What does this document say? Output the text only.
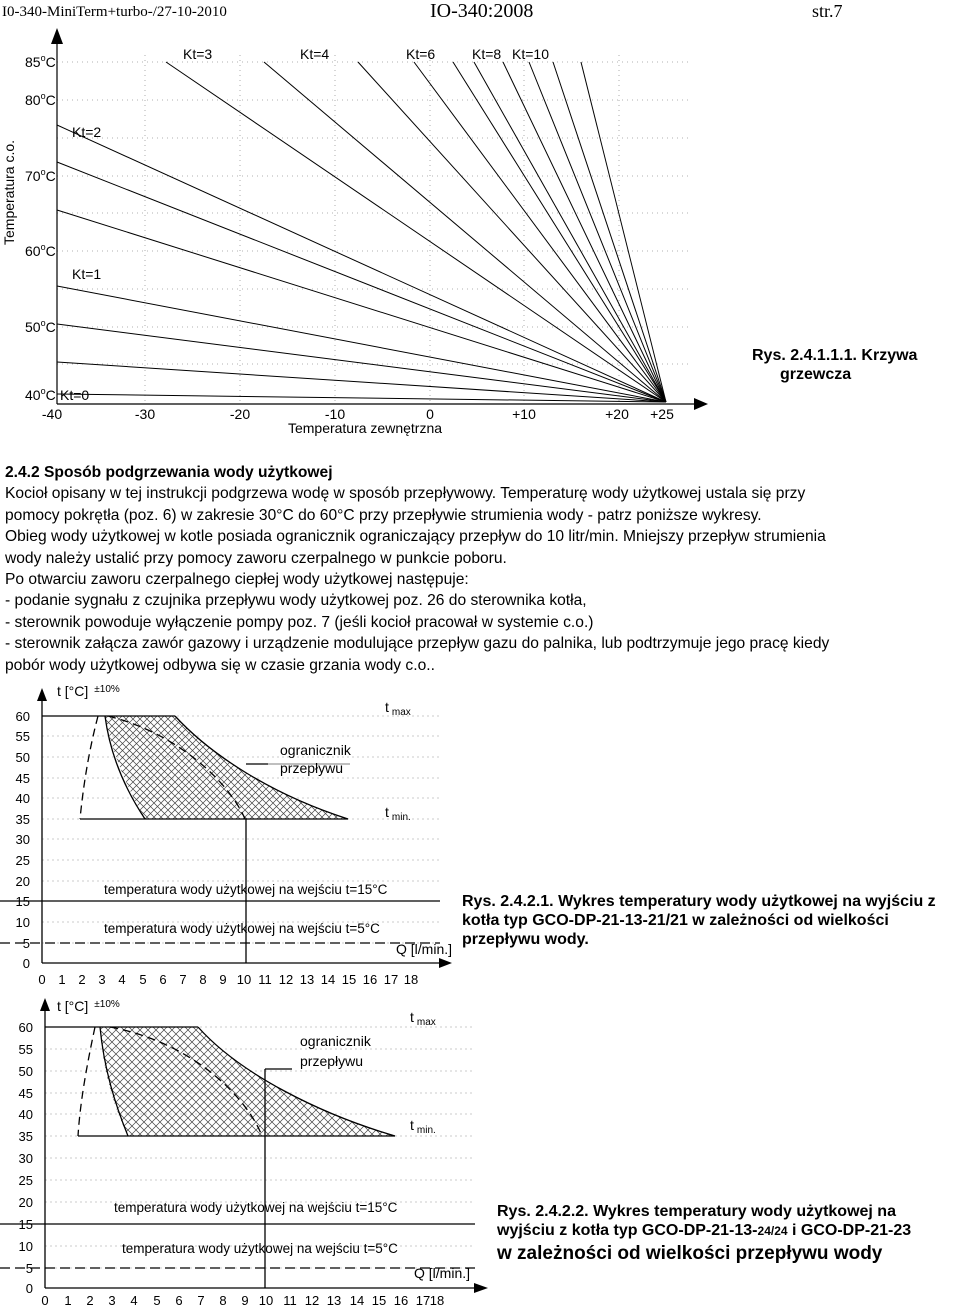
I0-340-MiniTerm+turbo-/27-10-2010	IO-340:2008	str.7
Temperatura c.o.
85$^o$C
80$^o$C
70$^o$C
60$^o$C
50$^o$C
40$^o$C
-40	-30	-20	-10	0	+10	+20 +25
Temperatura zewnętrzna
Kt=3	Kt=4	Kt=6	Kt=8 Kt=10
Kt=2
Kt=1
Kt=0
Rys. 2.4.1.1.1. Krzywa
grzewcza

2.4.2 Sposób podgrzewania wody użytkowej

Kocioł opisany w tej instrukcji podgrzewa wodę w sposób przepływowy. Temperaturę wody użytkowej ustala się przy

pomocy pokrętła (poz. 6) w zakresie 30°C do 60°C przy przepływie strumienia wody - patrz poniższe wykresy.

Obieg wody użytkowej w kotle posiada ogranicznik ograniczający przepływ do 10 litr/min. Mniejszy przepływ strumienia

wody należy ustalić przy pomocy zaworu czerpalnego w punkcie poboru.

Po otwarciu zaworu czerpalnego ciepłej wody użytkowej następuje:

- podanie sygnału z czujnika przepływu wody użytkowej poz. 26 do sterownika kotła,

- sterownik powoduje wyłączenie pompy poz. 7 (jeśli kocioł pracował w systemie c.o.)

- sterownik załącza zawór gazowy i urządzenie modulujące przepływ gazu do palnika, lub podtrzymuje jego pracę kiedy

pobór wody użytkowej odbywa się w czasie grzania wody c.o..

60
55
50
45
40
35
30
25
20
15
10
5
0
0 1 2 3 4 5 6 7 8 9 10 11 12 13 14 15 16 17 18
t [°C] $^{\pm 10\%}$
t $_{max}$
t $_{min.}$
ogranicznik
przepływu
temperatura wody użytkowej na wejściu t=15°C
temperatura wody użytkowej na wejściu t=5°C
Q [l/min.]
Rys. 2.4.2.1. Wykres temperatury wody użytkowej na wyjściu z kotła typ GCO-DP-21-13-21/21 w zależności od wielkości przepływu wody.
60
55
50
45
40
35
30
25
20
15
10
5
0
0 1 2 3 4 5 6 7 8 9 10 11 12 13 14 15 16 17 18
t [°C] $^{\pm 10\%}$
t $_{max}$
t $_{min.}$
ogranicznik
przepływu
temperatura wody użytkowej na wejściu t=15°C
temperatura wody użytkowej na wejściu t=5°C
Q [l/min.]
Rys. 2.4.2.2. Wykres temperatury wody użytkowej na wyjściu z kotła typ GCO-DP-21-13-24/24 i GCO-DP-21-23
w zależności od wielkości przepływu wody
